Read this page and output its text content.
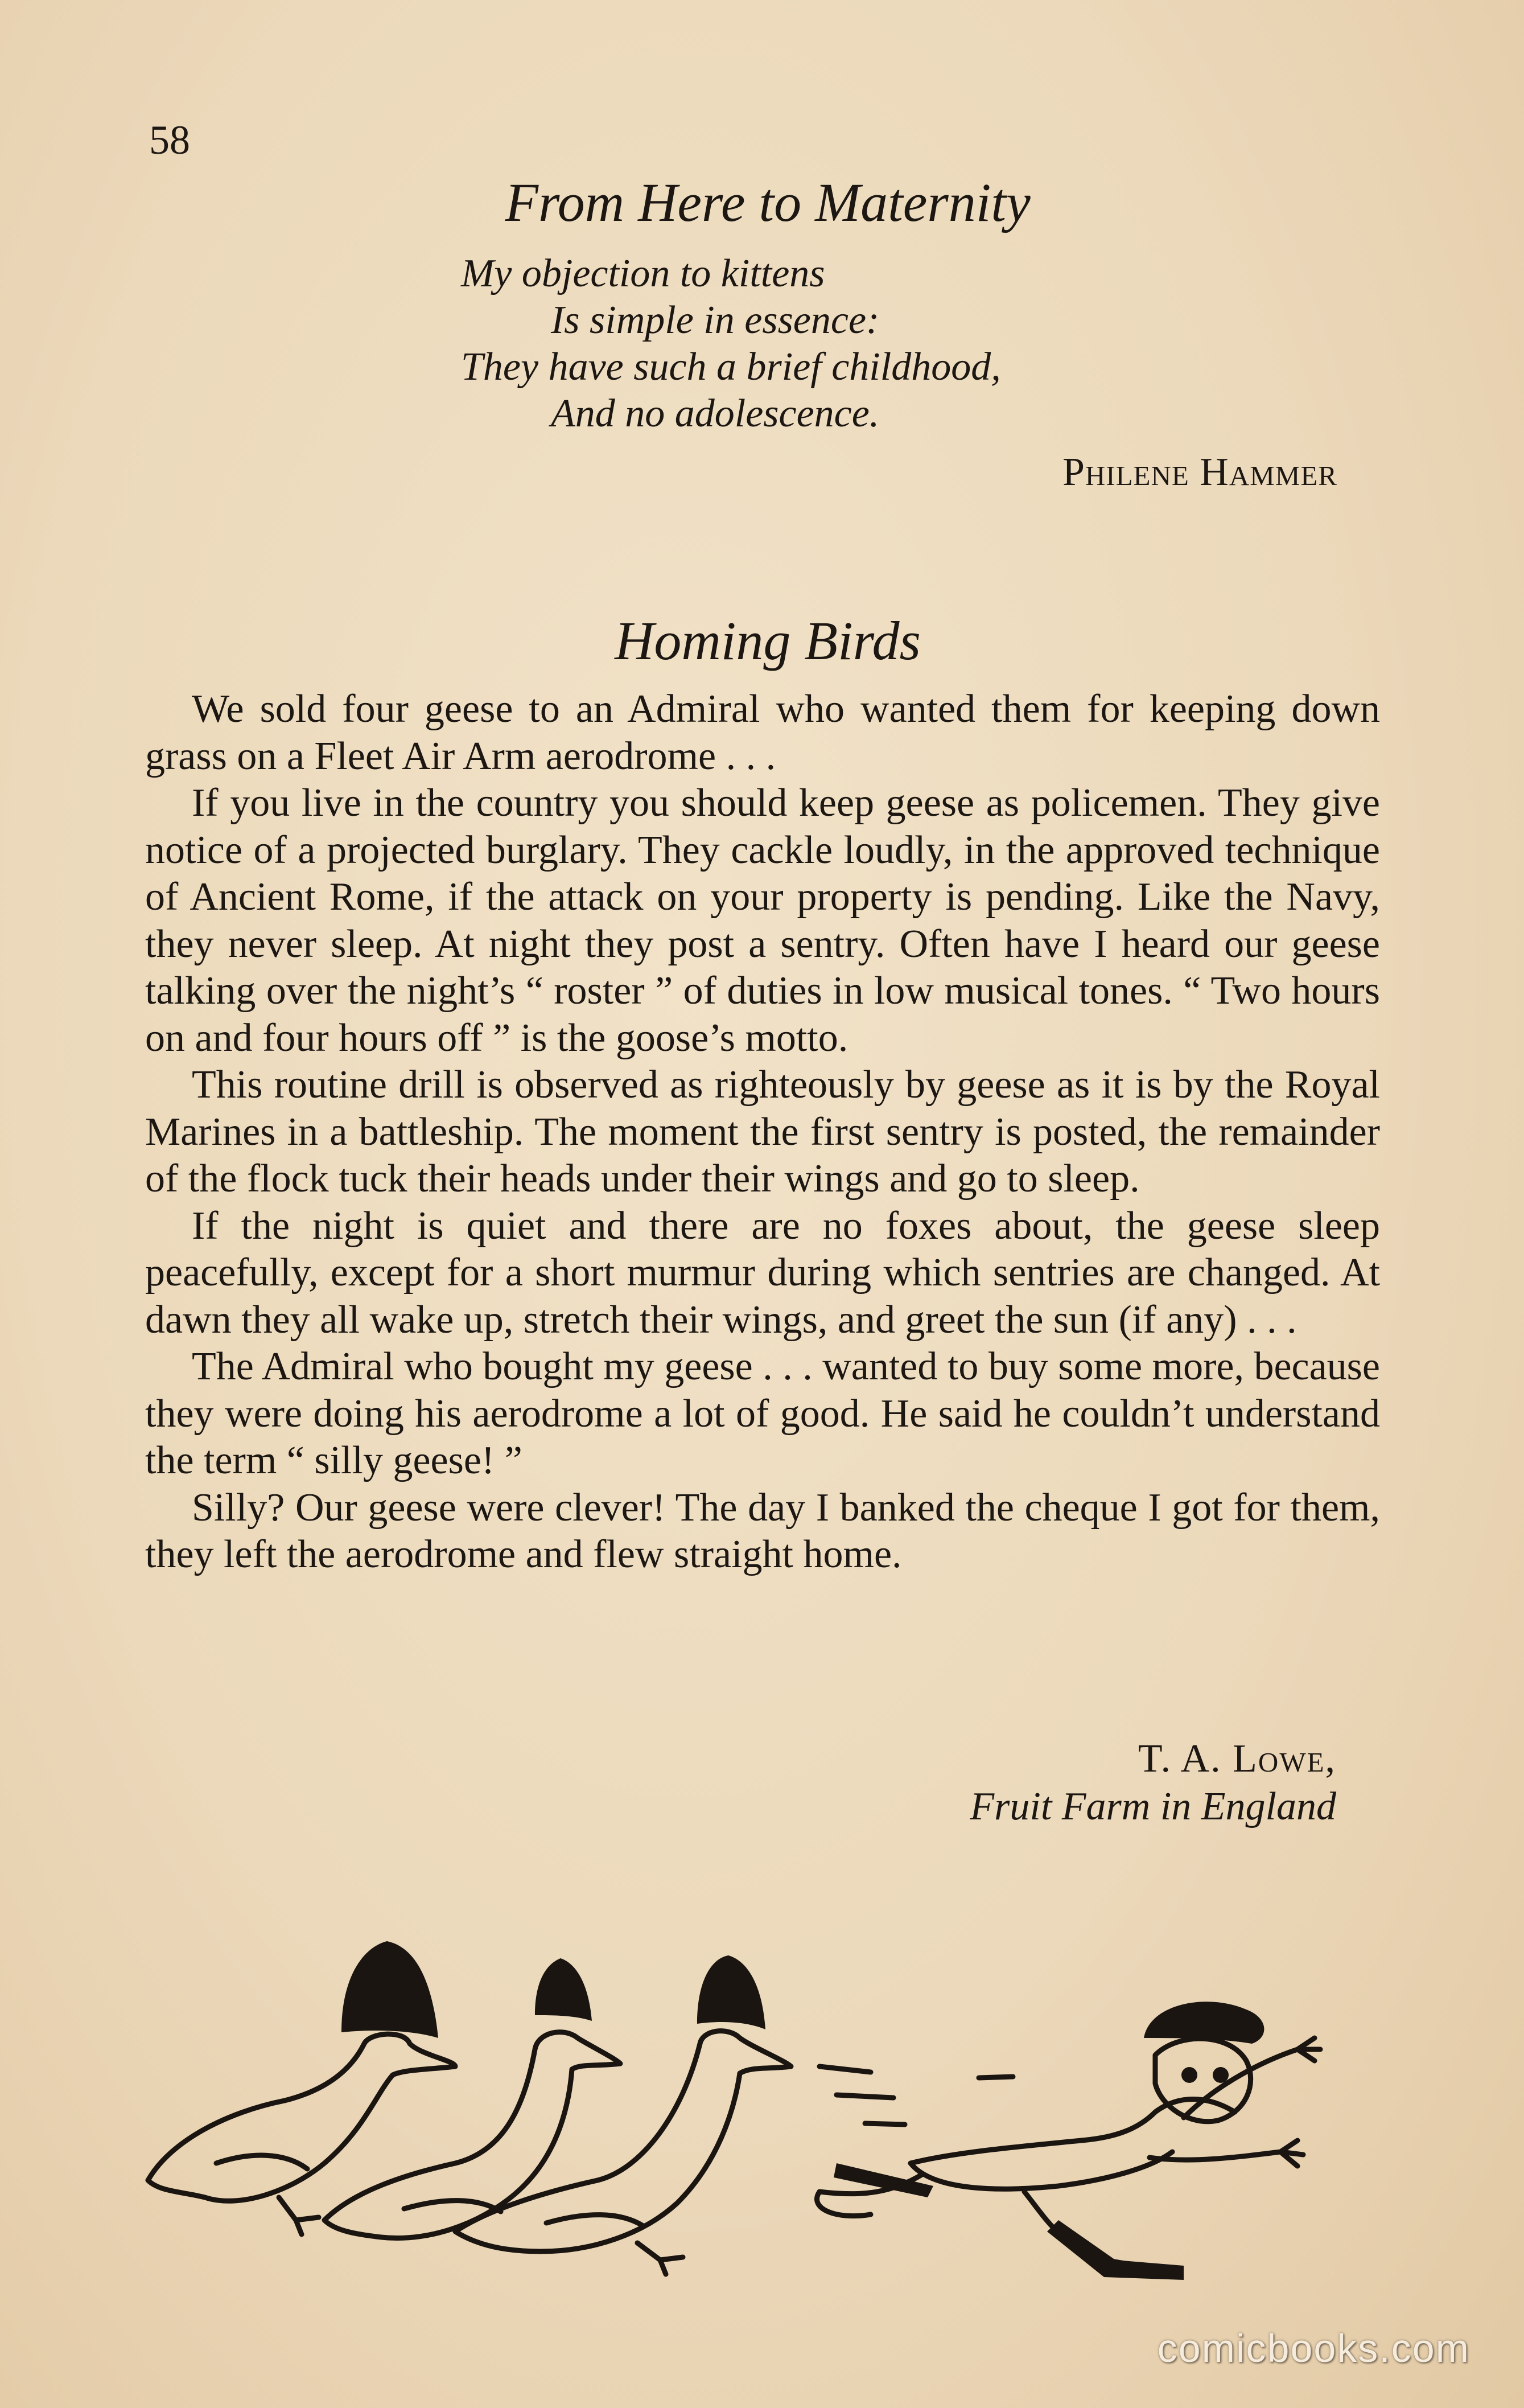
58
From Here to Maternity
My objection to kittens
Is simple in essence:
They have such a brief childhood,
And no adolescence.
Philene Hammer
Homing Birds

We sold four geese to an Admiral who wanted them for keeping down grass on a Fleet Air Arm aerodrome . . .

If you live in the country you should keep geese as policemen. They give notice of a projected burglary. They cackle loudly, in the approved technique of Ancient Rome, if the attack on your property is pending. Like the Navy, they never sleep. At night they post a sentry. Often have I heard our geese talking over the night’s “ roster ” of duties in low musical tones. “ Two hours on and four hours off ” is the goose’s motto.

This routine drill is observed as righteously by geese as it is by the Royal Marines in a battleship. The moment the first sentry is posted, the remainder of the flock tuck their heads under their wings and go to sleep.

If the night is quiet and there are no foxes about, the geese sleep peacefully, except for a short murmur during which sentries are changed. At dawn they all wake up, stretch their wings, and greet the sun (if any) . . .

The Admiral who bought my geese . . . wanted to buy some more, because they were doing his aerodrome a lot of good. He said he couldn’t understand the term “ silly geese! ”

Silly? Our geese were clever! The day I banked the cheque I got for them, they left the aerodrome and flew straight home.

T. A. Lowe,
Fruit Farm in England
comicbooks.com
